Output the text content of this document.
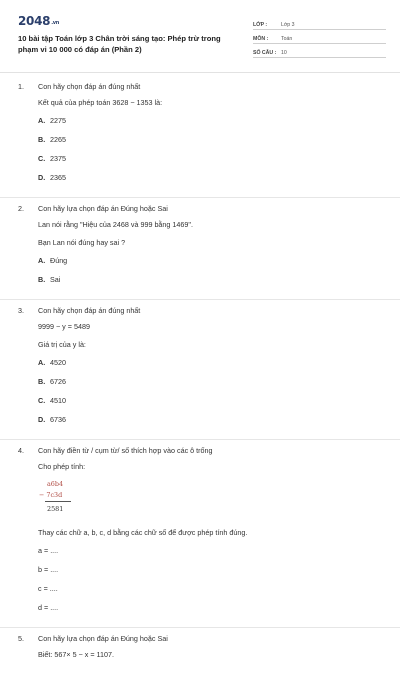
2048.vn
10 bài tập Toán lớp 3 Chân trời sáng tạo: Phép trừ trong phạm vi 10 000 có đáp án (Phần 2)
LỚP :	Lớp 3
MÔN :	Toán
SỐ CÂU : 10
1.	Con hãy chọn đáp án đúng nhất
Kết quả của phép toán 3628 − 1353 là:
A. 2275
B. 2265
C. 2375
D. 2365
2.	Con hãy lựa chọn đáp án Đúng hoặc Sai
Lan nói rằng "Hiệu của 2468 và 999 bằng 1469".
Bạn Lan nói đúng hay sai ?
A. Đúng
B. Sai
3.	Con hãy chọn đáp án đúng nhất
9999 − y = 5489
Giá trị của y là:
A. 4520
B. 6726
C. 4510
D. 6736
4.	Con hãy điền từ / cụm từ/ số thích hợp vào các ô trống
Cho phép tính:
a6b4
− 7c3d
2581
Thay các chữ a, b, c, d bằng các chữ số để được phép tính đúng.
a = ....
b = ....
c = ....
d = ....
5.	Con hãy lựa chọn đáp án Đúng hoặc Sai
Biết: 567× 5 − x = 1107.
